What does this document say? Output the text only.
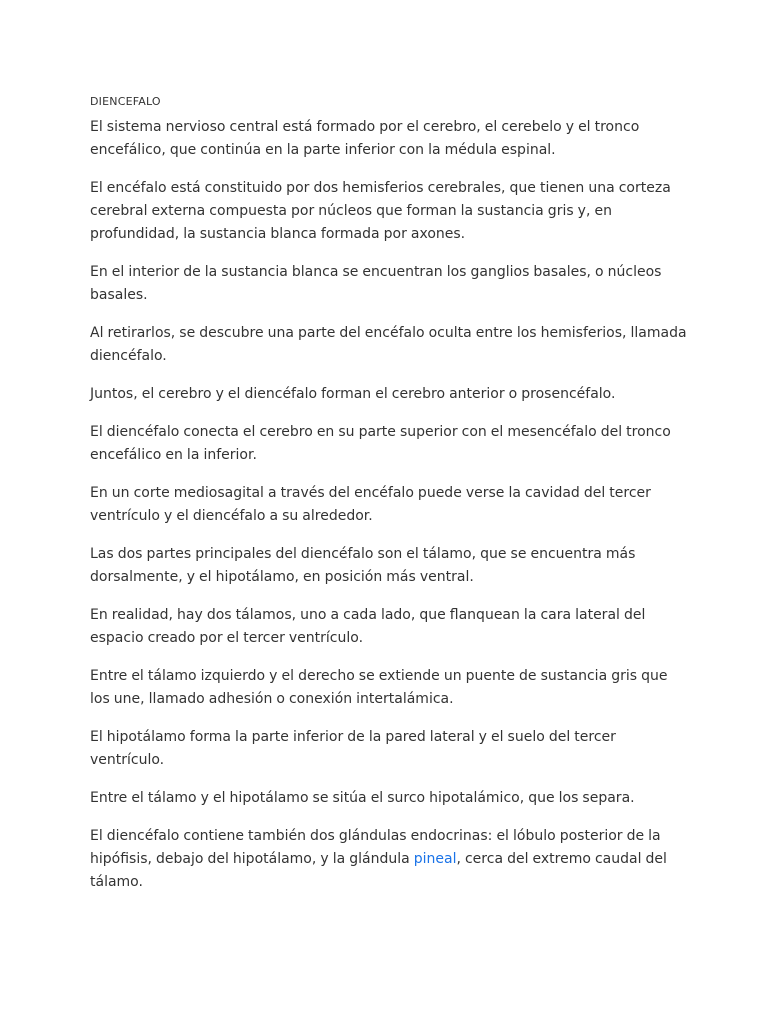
DIENCEFALO

El sistema nervioso central está formado por el cerebro, el cerebelo y el tronco encefálico, que continúa en la parte inferior con la médula espinal.

El encéfalo está constituido por dos hemisferios cerebrales, que tienen una corteza cerebral externa compuesta por núcleos que forman la sustancia gris y, en profundidad, la sustancia blanca formada por axones.

En el interior de la sustancia blanca se encuentran los ganglios basales, o núcleos basales.

Al retirarlos, se descubre una parte del encéfalo oculta entre los hemisferios, llamada diencéfalo.

Juntos, el cerebro y el diencéfalo forman el cerebro anterior o prosencéfalo.

El diencéfalo conecta el cerebro en su parte superior con el mesencéfalo del tronco encefálico en la inferior.

En un corte mediosagital a través del encéfalo puede verse la cavidad del tercer ventrículo y el diencéfalo a su alrededor.

Las dos partes principales del diencéfalo son el tálamo, que se encuentra más dorsalmente, y el hipotálamo, en posición más ventral.

En realidad, hay dos tálamos, uno a cada lado, que flanquean la cara lateral del espacio creado por el tercer ventrículo.

Entre el tálamo izquierdo y el derecho se extiende un puente de sustancia gris que los une, llamado adhesión o conexión intertalámica.

El hipotálamo forma la parte inferior de la pared lateral y el suelo del tercer ventrículo.

Entre el tálamo y el hipotálamo se sitúa el surco hipotalámico, que los separa.

El diencéfalo contiene también dos glándulas endocrinas: el lóbulo posterior de la hipófisis, debajo del hipotálamo, y la glándula pineal, cerca del extremo caudal del tálamo.
